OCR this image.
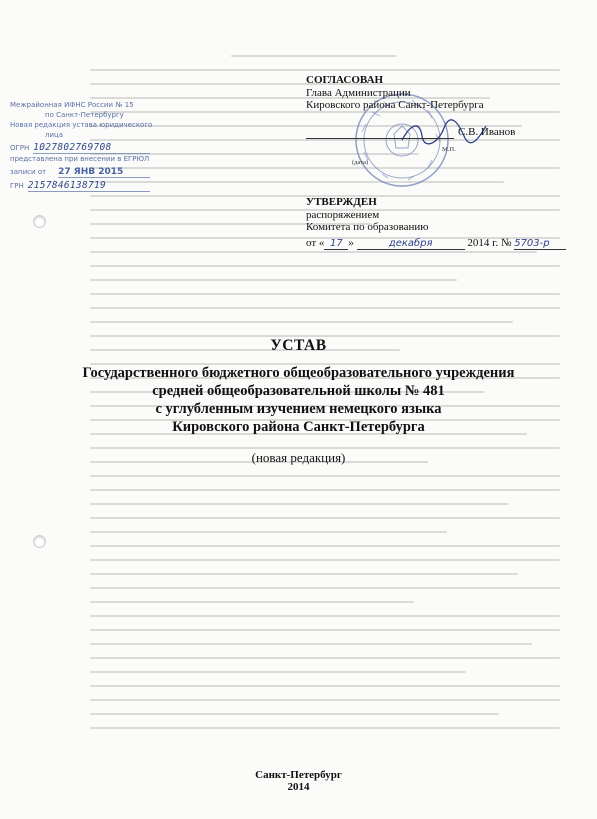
Межрайонная ИФНС России № 15
по Санкт-Петербургу
Новая редакция устава юридического
лица
ОГРН 1027802769708
представлена при внесении в ЕГРЮЛ
записи от 27 ЯНВ 2015
ГРН 2157846138719
СОГЛАСОВАН
Глава Администрации
Кировского района Санкт-Петербурга
С.В. Иванов
(дата)
М.П.
УТВЕРЖДЕН
распоряжением
Комитета по образованию
от « 17 »	декабря	2014 г. № 5703-р
УСТАВ
Государственного бюджетного общеобразовательного учреждения
средней общеобразовательной школы № 481
с углубленным изучением немецкого языка
Кировского района Санкт-Петербурга
(новая редакция)
Санкт-Петербург
2014
